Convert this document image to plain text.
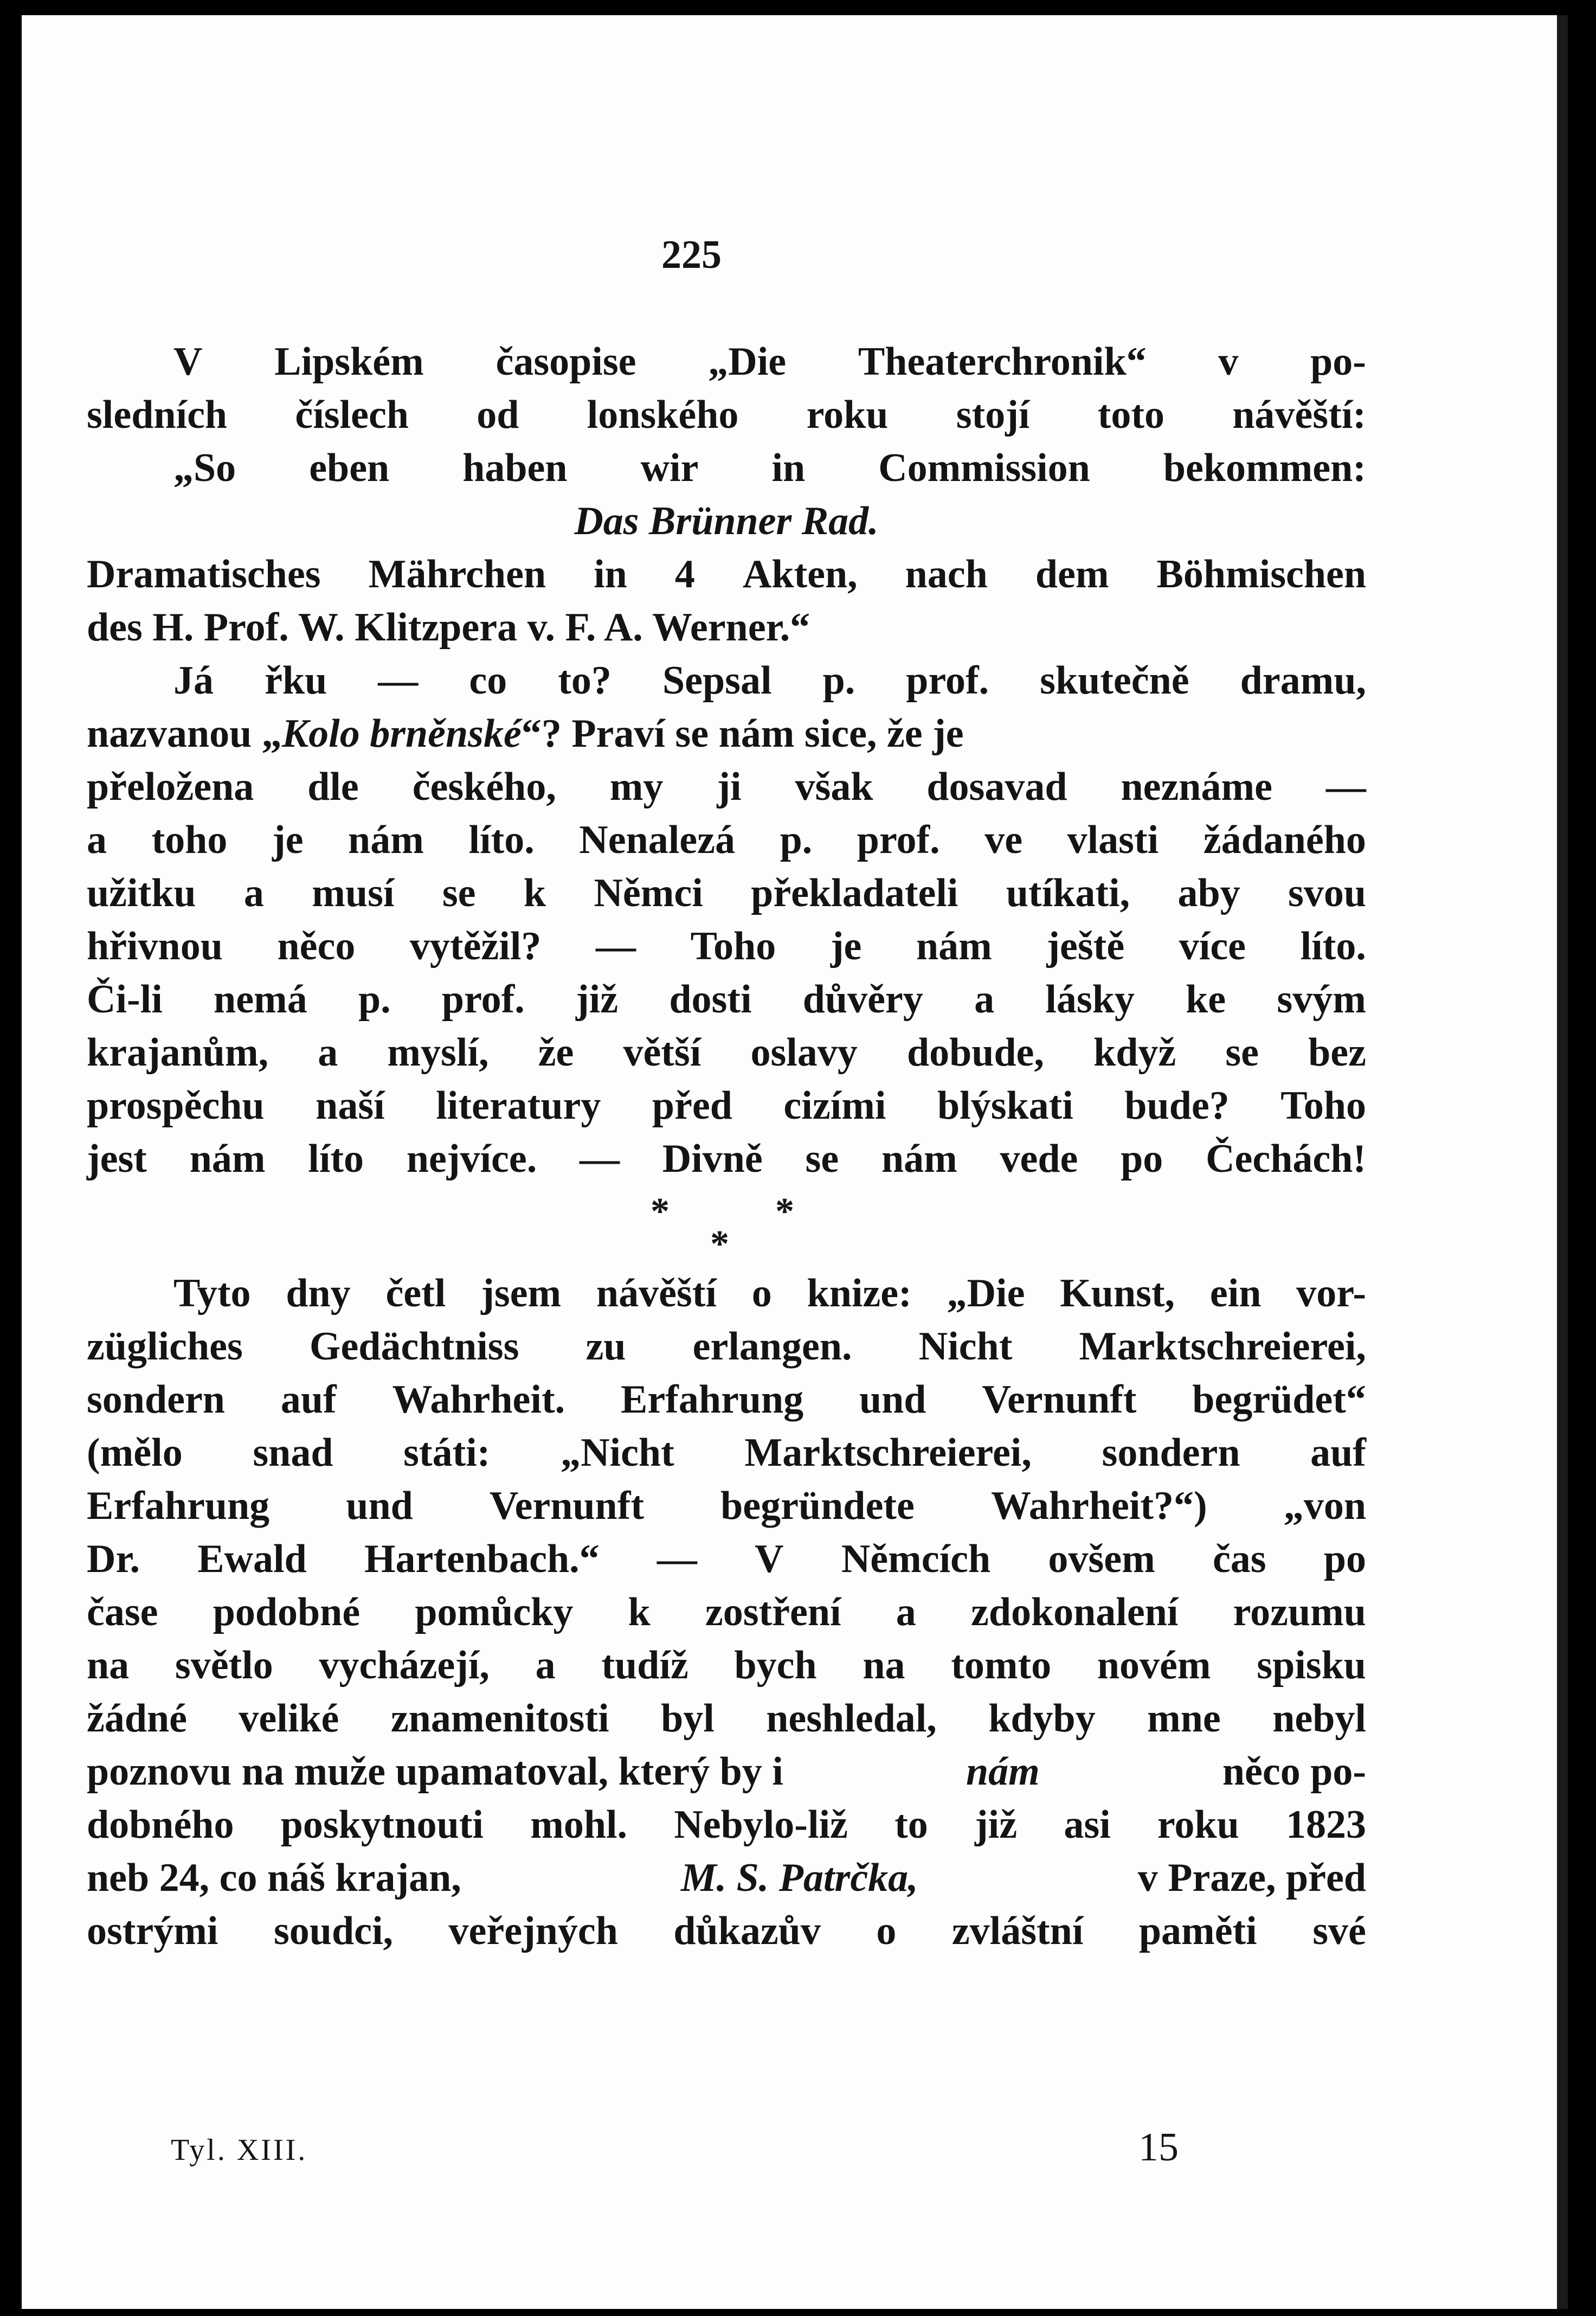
225
V Lipském časopise „Die Theaterchronik“ v po-
sledních číslech od lonského roku stojí toto návěští:
„So eben haben wir in Commission bekommen:
Das Brünner Rad.
Dramatisches Mährchen in 4 Akten, nach dem Böhmischen
des H. Prof. W. Klitzpera v. F. A. Werner.“
Já řku — co to? Sepsal p. prof. skutečně dramu,
nazvanou „Kolo brněnské“? Praví se nám sice, že je
přeložena dle českého, my ji však dosavad neznáme —
a toho je nám líto. Nenalezá p. prof. ve vlasti žádaného
užitku a musí se k Němci překladateli utíkati, aby svou
hřivnou něco vytěžil? — Toho je nám ještě více líto.
Či-li nemá p. prof. již dosti důvěry a lásky ke svým
krajanům, a myslí, že větší oslavy dobude, když se bez
prospěchu naší literatury před cizími blýskati bude? Toho
jest nám líto nejvíce. — Divně se nám vede po Čechách!
*	*
*
Tyto dny četl jsem návěští o knize: „Die Kunst, ein vor-
zügliches Gedächtniss zu erlangen. Nicht Marktschreierei,
sondern auf Wahrheit. Erfahrung und Vernunft begrüdet“
(mělo snad státi: „Nicht Marktschreierei, sondern auf
Erfahrung und Vernunft begründete Wahrheit?“) „von
Dr. Ewald Hartenbach.“ — V Němcích ovšem čas po
čase podobné pomůcky k zostření a zdokonalení rozumu
na světlo vycházejí, a tudíž bych na tomto novém spisku
žádné veliké znamenitosti byl neshledal, kdyby mne nebyl
poznovu na muže upamatoval, který by i	nám	něco po-
dobného poskytnouti mohl. Nebylo-liž to již asi roku 1823
neb 24, co náš krajan,	M. S. Patrčka,	v Praze, před
ostrými soudci, veřejných důkazův o zvláštní paměti své
Tyl. XIII.	15
